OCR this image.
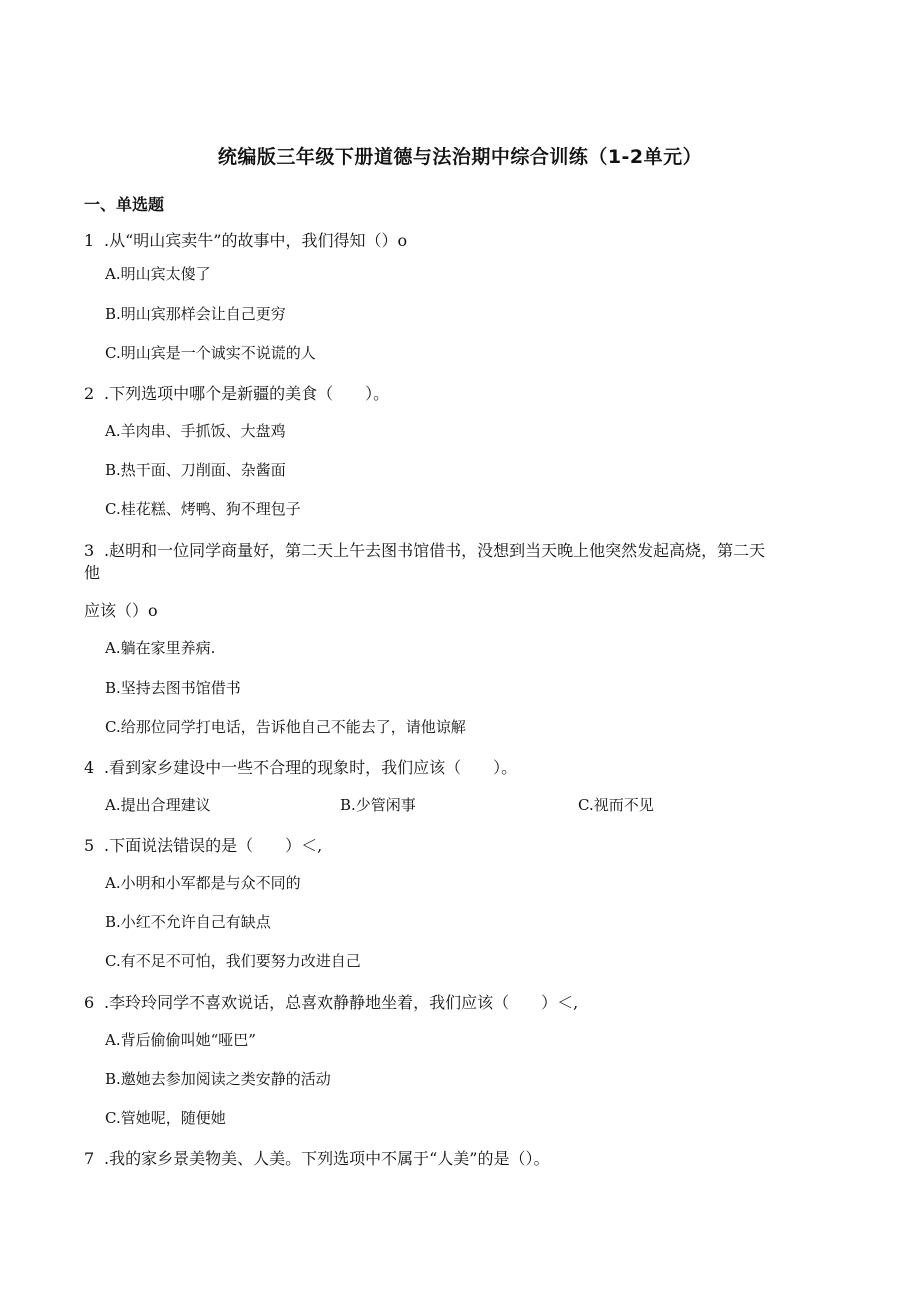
统编版三年级下册道德与法治期中综合训练（1-2单元）
一、单选题
1 .从“明山宾卖牛”的故事中，我们得知（）o
A.明山宾太傻了
B.明山宾那样会让自己更穷
C.明山宾是一个诚实不说谎的人
2 .下列选项中哪个是新疆的美食（　　）。
A.羊肉串、手抓饭、大盘鸡
B.热干面、刀削面、杂酱面
C.桂花糕、烤鸭、狗不理包子
3 .赵明和一位同学商量好，第二天上午去图书馆借书，没想到当天晚上他突然发起高烧，第二天
他
应该（）o
A.躺在家里养病.
B.坚持去图书馆借书
C.给那位同学打电话，告诉他自己不能去了，请他谅解
4 .看到家乡建设中一些不合理的现象时，我们应该（　　）。
A.提出合理建议	B.少管闲事	C.视而不见
5 .下面说法错误的是（　　）＜,
A.小明和小军都是与众不同的
B.小红不允许自己有缺点
C.有不足不可怕，我们要努力改进自己
6 .李玲玲同学不喜欢说话，总喜欢静静地坐着，我们应该（　　）＜,
A.背后偷偷叫她“哑巴”
B.邀她去参加阅读之类安静的活动
C.管她呢，随便她
7 .我的家乡景美物美、人美。下列选项中不属于“人美”的是（）。
